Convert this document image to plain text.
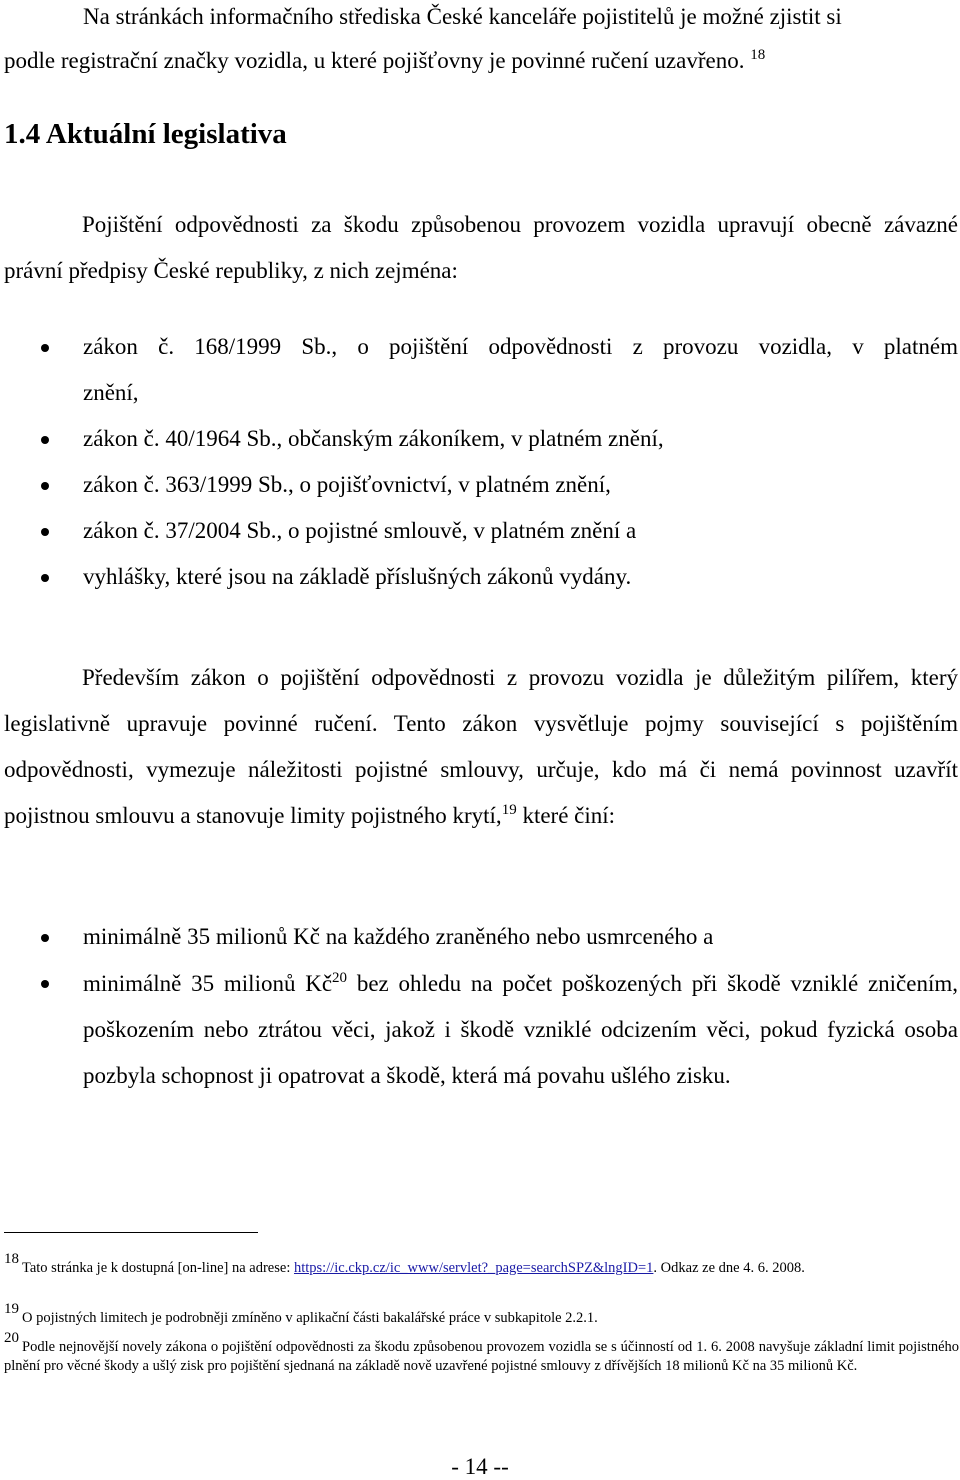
Na stránkách informačního střediska České kanceláře pojistitelů je možné zjistit si
podle registrační značky vozidla, u které pojišťovny je povinné ručení uzavřeno. $^{18}$
1.4 Aktuální legislativa
Pojištění odpovědnosti za škodu způsobenou provozem vozidla upravují obecně závazné právní předpisy České republiky, z nich zejména:
zákon č. 168/1999 Sb., o pojištění odpovědnosti z provozu vozidla, v platném
znění,
zákon č. 40/1964 Sb., občanským zákoníkem, v platném znění,
zákon č. 363/1999 Sb., o pojišťovnictví, v platném znění,
zákon č. 37/2004 Sb., o pojistné smlouvě, v platném znění a
vyhlášky, které jsou na základě příslušných zákonů vydány.
Především zákon o pojištění odpovědnosti z provozu vozidla je důležitým pilířem, který legislativně upravuje povinné ručení. Tento zákon vysvětluje pojmy související s pojištěním odpovědnosti, vymezuje náležitosti pojistné smlouvy, určuje, kdo má či nemá povinnost uzavřít pojistnou smlouvu a stanovuje limity pojistného krytí,$^{19}$ které činí:
minimálně 35 milionů Kč na každého zraněného nebo usmrceného a
minimálně 35 milionů $Kč^{20}$ bez ohledu na počet poškozených při škodě vzniklé zničením, poškozením nebo ztrátou věci, jakož i škodě vzniklé odcizením věci, pokud fyzická osoba pozbyla schopnost ji opatrovat a škodě, která má povahu ušlého zisku.
18Tato stránka je k dostupná [on-line] na adrese: https://ic.ckp.cz/ic_www/servlet?_page=searchSPZ&lngID=1. Odkaz ze dne 4. 6. 2008.
19O pojistných limitech je podrobněji zmíněno v aplikační části bakalářské práce v subkapitole 2.2.1.
20Podle nejnovější novely zákona o pojištění odpovědnosti za škodu způsobenou provozem vozidla se s účinností od 1. 6. 2008 navyšuje základní limit pojistného plnění pro věcné škody a ušlý zisk pro pojištění sjednaná na základě nově uzavřené pojistné smlouvy z dřívějších 18 milionů Kč na 35 milionů Kč.
- 14 --
